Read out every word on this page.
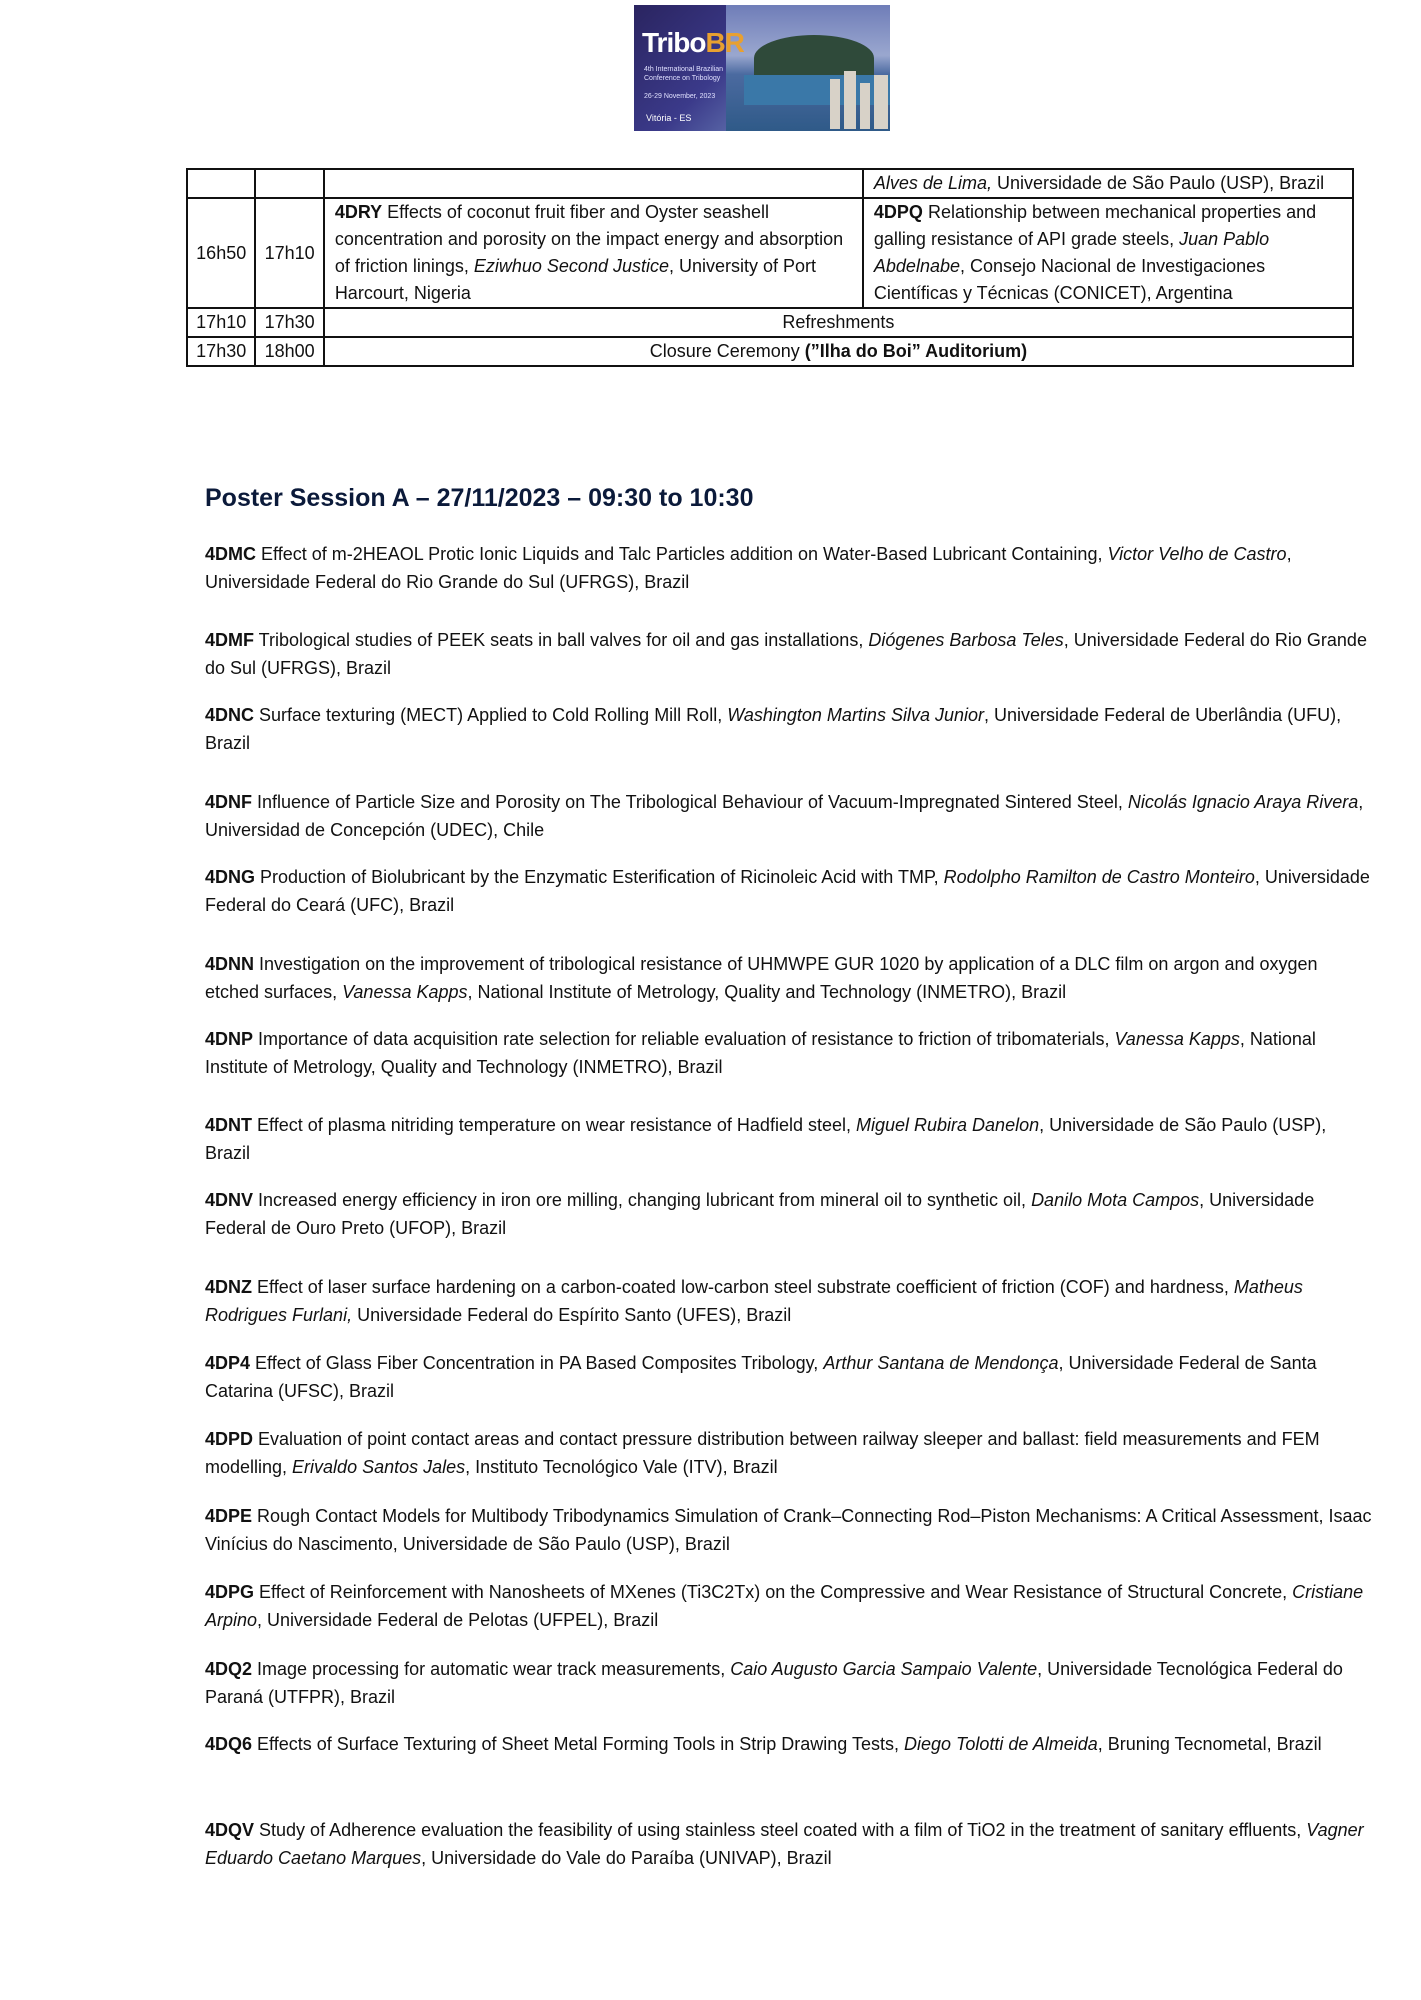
TriboBR
4th International Brazilian Conference on Tribology
26-29 November, 2023
Vitória - ES
			Alves de Lima, Universidade de São Paulo (USP), Brazil
16h50	17h10	4DRY Effects of coconut fruit fiber and Oyster seashell concentration and porosity on the impact energy and absorption of friction linings, Eziwhuo Second Justice, University of Port Harcourt, Nigeria	4DPQ Relationship between mechanical properties and galling resistance of API grade steels, Juan Pablo Abdelnabe, Consejo Nacional de Investigaciones Científicas y Técnicas (CONICET), Argentina
17h10	17h30	Refreshments	
17h30	18h00	Closure Ceremony (”Ilha do Boi” Auditorium)	
Poster Session A – 27/11/2023 – 09:30 to 10:30
4DMC Effect of m-2HEAOL Protic Ionic Liquids and Talc Particles addition on Water-Based Lubricant Containing, Victor Velho de Castro, Universidade Federal do Rio Grande do Sul (UFRGS), Brazil
4DMF Tribological studies of PEEK seats in ball valves for oil and gas installations, Diógenes Barbosa Teles, Universidade Federal do Rio Grande do Sul (UFRGS), Brazil
4DNC Surface texturing (MECT) Applied to Cold Rolling Mill Roll, Washington Martins Silva Junior, Universidade Federal de Uberlândia (UFU), Brazil
4DNF Influence of Particle Size and Porosity on The Tribological Behaviour of Vacuum-Impregnated Sintered Steel, Nicolás Ignacio Araya Rivera, Universidad de Concepción (UDEC), Chile
4DNG Production of Biolubricant by the Enzymatic Esterification of Ricinoleic Acid with TMP, Rodolpho Ramilton de Castro Monteiro, Universidade Federal do Ceará (UFC), Brazil
4DNN Investigation on the improvement of tribological resistance of UHMWPE GUR 1020 by application of a DLC film on argon and oxygen etched surfaces, Vanessa Kapps, National Institute of Metrology, Quality and Technology (INMETRO), Brazil
4DNP Importance of data acquisition rate selection for reliable evaluation of resistance to friction of tribomaterials, Vanessa Kapps, National Institute of Metrology, Quality and Technology (INMETRO), Brazil
4DNT Effect of plasma nitriding temperature on wear resistance of Hadfield steel, Miguel Rubira Danelon, Universidade de São Paulo (USP), Brazil
4DNV Increased energy efficiency in iron ore milling, changing lubricant from mineral oil to synthetic oil, Danilo Mota Campos, Universidade Federal de Ouro Preto (UFOP), Brazil
4DNZ Effect of laser surface hardening on a carbon-coated low-carbon steel substrate coefficient of friction (COF) and hardness, Matheus Rodrigues Furlani, Universidade Federal do Espírito Santo (UFES), Brazil
4DP4 Effect of Glass Fiber Concentration in PA Based Composites Tribology, Arthur Santana de Mendonça, Universidade Federal de Santa Catarina (UFSC), Brazil
4DPD Evaluation of point contact areas and contact pressure distribution between railway sleeper and ballast: field measurements and FEM modelling, Erivaldo Santos Jales, Instituto Tecnológico Vale (ITV), Brazil
4DPE Rough Contact Models for Multibody Tribodynamics Simulation of Crank–Connecting Rod–Piston Mechanisms: A Critical Assessment, Isaac Vinícius do Nascimento, Universidade de São Paulo (USP), Brazil
4DPG Effect of Reinforcement with Nanosheets of MXenes (Ti3C2Tx) on the Compressive and Wear Resistance of Structural Concrete, Cristiane Arpino, Universidade Federal de Pelotas (UFPEL), Brazil
4DQ2 Image processing for automatic wear track measurements, Caio Augusto Garcia Sampaio Valente, Universidade Tecnológica Federal do Paraná (UTFPR), Brazil
4DQ6 Effects of Surface Texturing of Sheet Metal Forming Tools in Strip Drawing Tests, Diego Tolotti de Almeida, Bruning Tecnometal, Brazil
4DQV Study of Adherence evaluation the feasibility of using stainless steel coated with a film of TiO2 in the treatment of sanitary effluents, Vagner Eduardo Caetano Marques, Universidade do Vale do Paraíba (UNIVAP), Brazil
